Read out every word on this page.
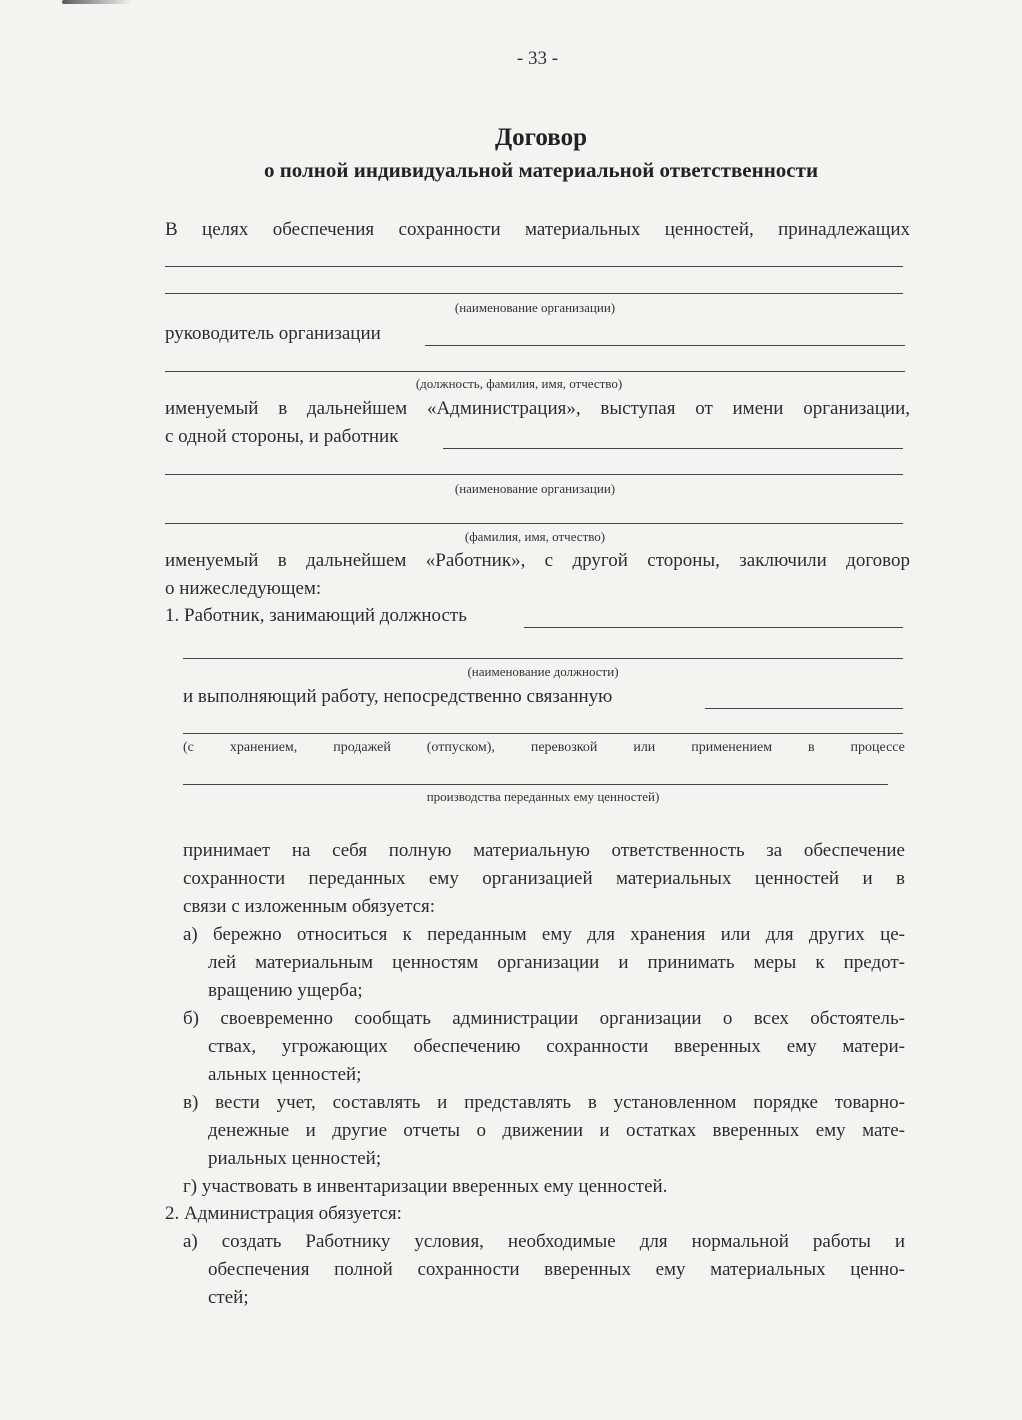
- 33 -
Договор
о полной индивидуальной материальной ответственности
В целях обеспечения сохранности материальных ценностей, принадлежащих
(наименование организации)
руководитель организации
(должность, фамилия, имя, отчество)
именуемый в дальнейшем «Администрация», выступая от имени организации,
с одной стороны, и работник
(наименование организации)
(фамилия, имя, отчество)
именуемый в дальнейшем «Работник», с другой стороны, заключили договор
о нижеследующем:
1. Работник, занимающий должность
(наименование должности)
и выполняющий работу, непосредственно связанную
(с	хранением,	продажей	(отпуском),	перевозкой	или	применением	в	процессе
производства переданных ему ценностей)
принимает на себя полную материальную ответственность за обеспечение
сохранности переданных ему организацией материальных ценностей и в
связи с изложенным обязуется:
а) бережно относиться к переданным ему для хранения или для других це-
лей материальным ценностям организации и принимать меры к предот-
вращению ущерба;
б) своевременно сообщать администрации организации о всех обстоятель-
ствах, угрожающих обеспечению сохранности вверенных ему матери-
альных ценностей;
в) вести учет, составлять и представлять в установленном порядке товарно-
денежные и другие отчеты о движении и остатках вверенных ему мате-
риальных ценностей;
г) участвовать в инвентаризации вверенных ему ценностей.
2. Администрация обязуется:
а) создать Работнику условия, необходимые для нормальной работы и
обеспечения полной сохранности вверенных ему материальных ценно-
стей;
